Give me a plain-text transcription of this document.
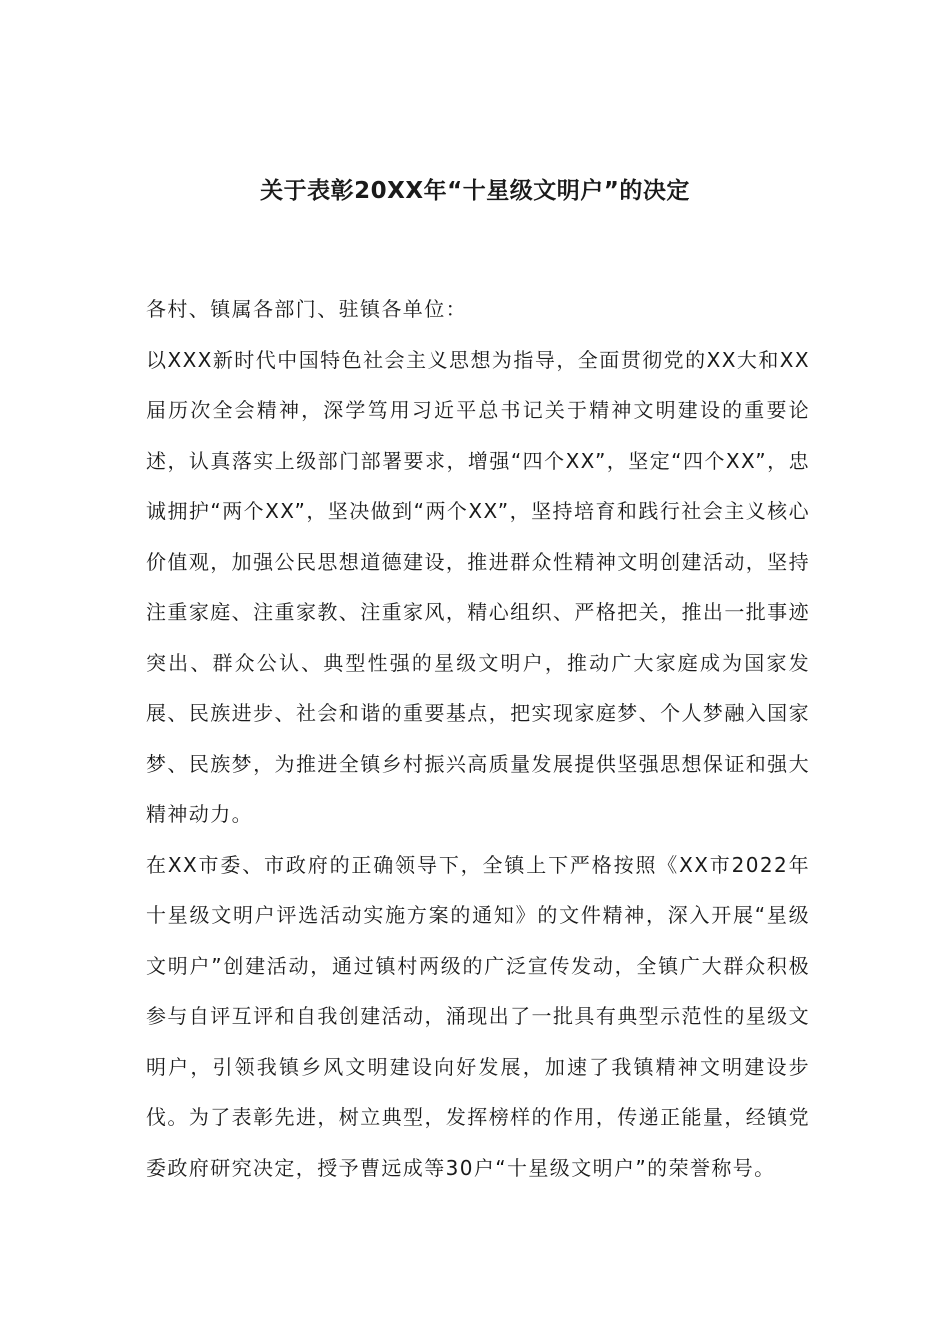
关于表彰20XX年“十星级文明户”的决定

各村、镇属各部门、驻镇各单位：

以XXX新时代中国特色社会主义思想为指导，全面贯彻党的XX大和XX届历次全会精神，深学笃用习近平总书记关于精神文明建设的重要论述，认真落实上级部门部署要求，增强“四个XX”，坚定“四个XX”，忠诚拥护“两个XX”，坚决做到“两个XX”，坚持培育和践行社会主义核心价值观，加强公民思想道德建设，推进群众性精神文明创建活动，坚持注重家庭、注重家教、注重家风，精心组织、严格把关，推出一批事迹突出、群众公认、典型性强的星级文明户，推动广大家庭成为国家发展、民族进步、社会和谐的重要基点，把实现家庭梦、个人梦融入国家梦、民族梦，为推进全镇乡村振兴高质量发展提供坚强思想保证和强大精神动力。

在XX市委、市政府的正确领导下，全镇上下严格按照《XX市2022年十星级文明户评选活动实施方案的通知》的文件精神，深入开展“星级文明户”创建活动，通过镇村两级的广泛宣传发动，全镇广大群众积极参与自评互评和自我创建活动，涌现出了一批具有典型示范性的星级文明户，引领我镇乡风文明建设向好发展，加速了我镇精神文明建设步伐。为了表彰先进，树立典型，发挥榜样的作用，传递正能量，经镇党委政府研究决定，授予曹远成等30户“十星级文明户”的荣誉称号。
